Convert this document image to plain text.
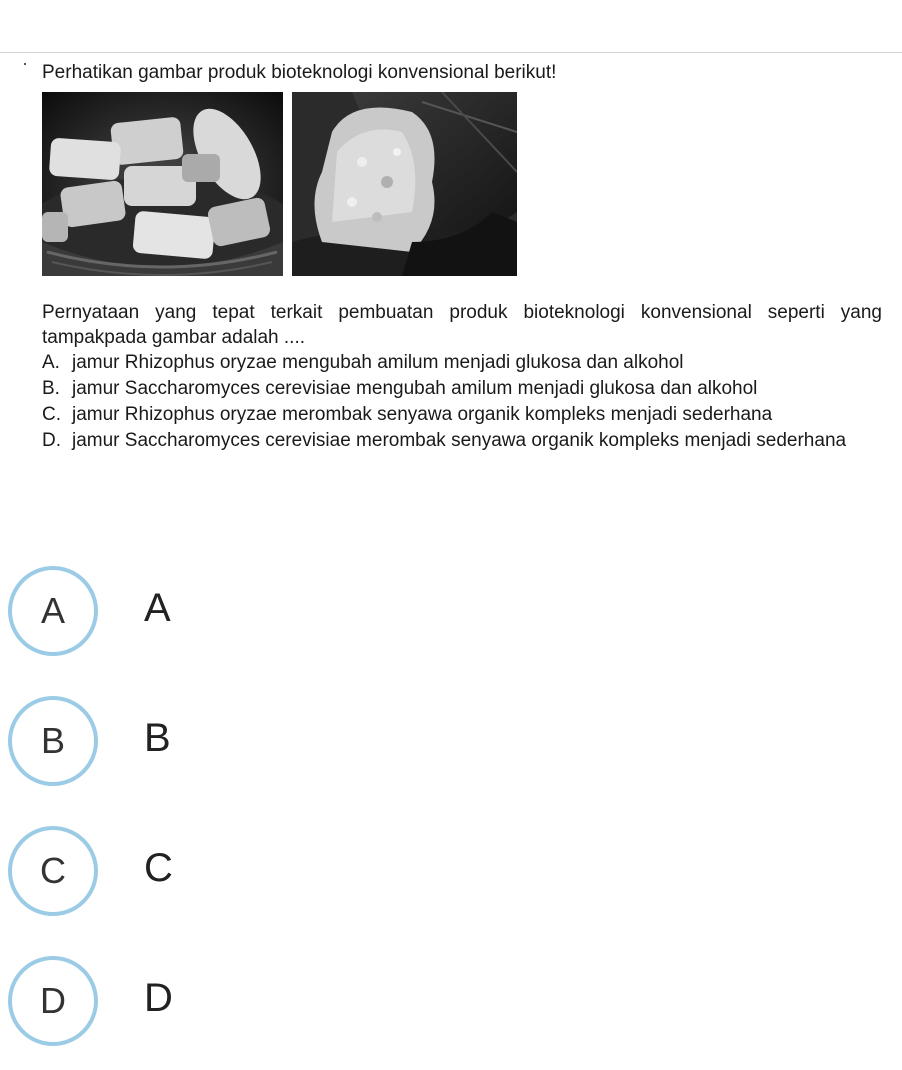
Perhatikan gambar produk bioteknologi konvensional berikut!
Pernyataan yang tepat terkait pembuatan produk bioteknologi konvensional seperti yang tampakpada gambar adalah ....
A. jamur Rhizophus oryzae mengubah amilum menjadi glukosa dan alkohol
B. jamur Saccharomyces cerevisiae mengubah amilum menjadi glukosa dan alkohol
C. jamur Rhizophus oryzae merombak senyawa organik kompleks menjadi sederhana
D. jamur Saccharomyces cerevisiae merombak senyawa organik kompleks menjadi sederhana
A	A
B	B
C	C
D	D
